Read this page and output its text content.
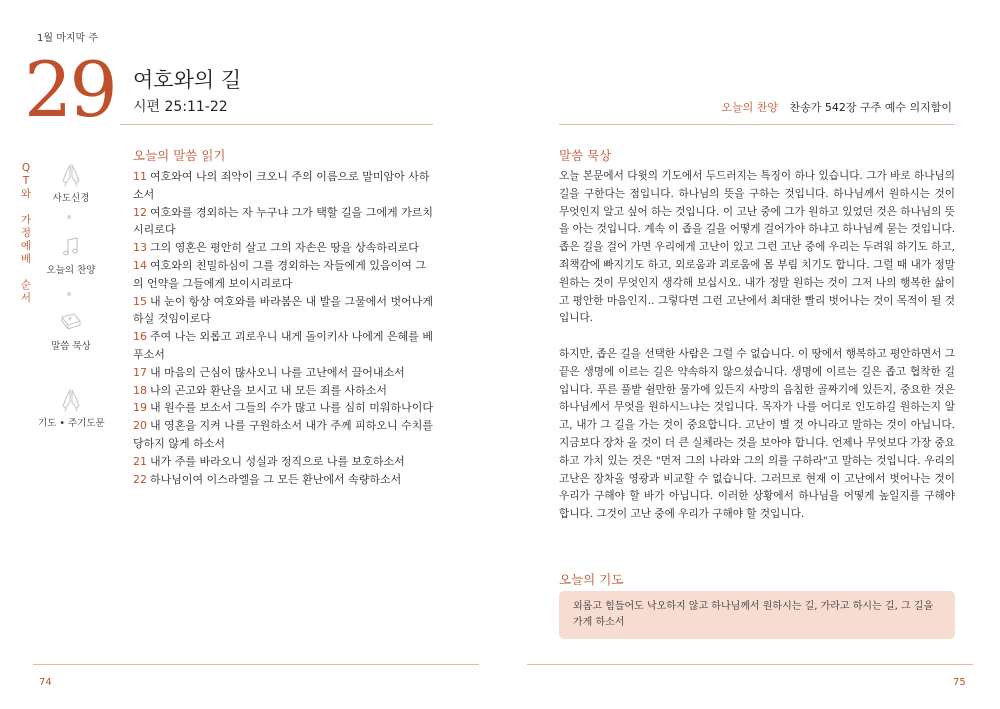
1월 마지막 주
29 여호와의 길
시편 25:11-22	오늘의 찬양 찬송가 542장 구주 예수 의지함이
Q
T
와

가
정
예
배

순
서
사도신경
오늘의 찬양
말씀 묵상
기도 • 주기도문
오늘의 말씀 읽기

11 여호와여 나의 죄악이 크오니 주의 이름으로 말미암아 사하소서

12 여호와를 경외하는 자 누구냐 그가 택할 길을 그에게 가르치시리로다

13 그의 영혼은 평안히 살고 그의 자손은 땅을 상속하리로다

14 여호와의 친밀하심이 그를 경외하는 자들에게 있음이여 그의 언약을 그들에게 보이시리로다

15 내 눈이 항상 여호와를 바라봄은 내 발을 그물에서 벗어나게 하실 것임이로다

16 주여 나는 외롭고 괴로우니 내게 돌이키사 나에게 은혜를 베푸소서

17 내 마음의 근심이 많사오니 나를 고난에서 끌어내소서

18 나의 곤고와 환난을 보시고 내 모든 죄를 사하소서

19 내 원수를 보소서 그들의 수가 많고 나를 심히 미워하나이다

20 내 영혼을 지켜 나를 구원하소서 내가 주께 피하오니 수치를 당하지 않게 하소서

21 내가 주를 바라오니 성실과 정직으로 나를 보호하소서

22 하나님이여 이스라엘을 그 모든 환난에서 속량하소서

말씀 묵상

오늘 본문에서 다윗의 기도에서 두드러지는 특징이 하나 있습니다. 그가 바로 하나님의 길을 구한다는 점입니다. 하나님의 뜻을 구하는 것입니다. 하나님께서 원하시는 것이 무엇인지 알고 싶어 하는 것입니다. 이 고난 중에 그가 원하고 있었던 것은 하나님의 뜻을 아는 것입니다. 계속 이 좁을 길을 어떻게 걸어가야 하냐고 하나님께 묻는 것입니다. 좁은 길을 걸어 가면 우리에게 고난이 있고 그런 고난 중에 우리는 두려워 하기도 하고, 죄책감에 빠지기도 하고, 외로움과 괴로움에 몸 부림 치기도 합니다. 그럴 때 내가 정말 원하는 것이 무엇인지 생각해 보십시오. 내가 정말 원하는 것이 그저 나의 행복한 삶이고 평안한 마음인지.. 그렇다면 그런 고난에서 최대한 빨리 벗어나는 것이 목적이 될 것입니다.

하지만, 좁은 길을 선택한 사람은 그럴 수 없습니다. 이 땅에서 행복하고 평안하면서 그 끝은 생명에 이르는 길은 약속하지 않으셨습니다. 생명에 이르는 길은 좁고 협착한 길입니다. 푸른 풀밭 쉴만한 물가에 있든지 사망의 음침한 골짜기에 있든지, 중요한 것은 하나님께서 무엇을 원하시느냐는 것입니다. 목자가 나를 어디로 인도하길 원하는지 알고, 내가 그 길을 가는 것이 중요합니다. 고난이 별 것 아니라고 말하는 것이 아닙니다. 지금보다 장차 올 것이 더 큰 실체라는 것을 보아야 합니다. 언제나 무엇보다 가장 중요하고 가치 있는 것은 "먼저 그의 나라와 그의 의를 구하라"고 말하는 것입니다. 우리의 고난은 장차올 영광과 비교할 수 없습니다. 그러므로 현재 이 고난에서 벗어나는 것이 우리가 구해야 할 바가 아닙니다. 이러한 상황에서 하나님을 어떻게 높일지를 구해야 합니다. 그것이 고난 중에 우리가 구해야 할 것입니다.

오늘의 기도
외롭고 힘들어도 낙오하지 않고 하나님께서 원하시는 길, 가라고 하시는 길, 그 길을 가게 하소서
74	75
